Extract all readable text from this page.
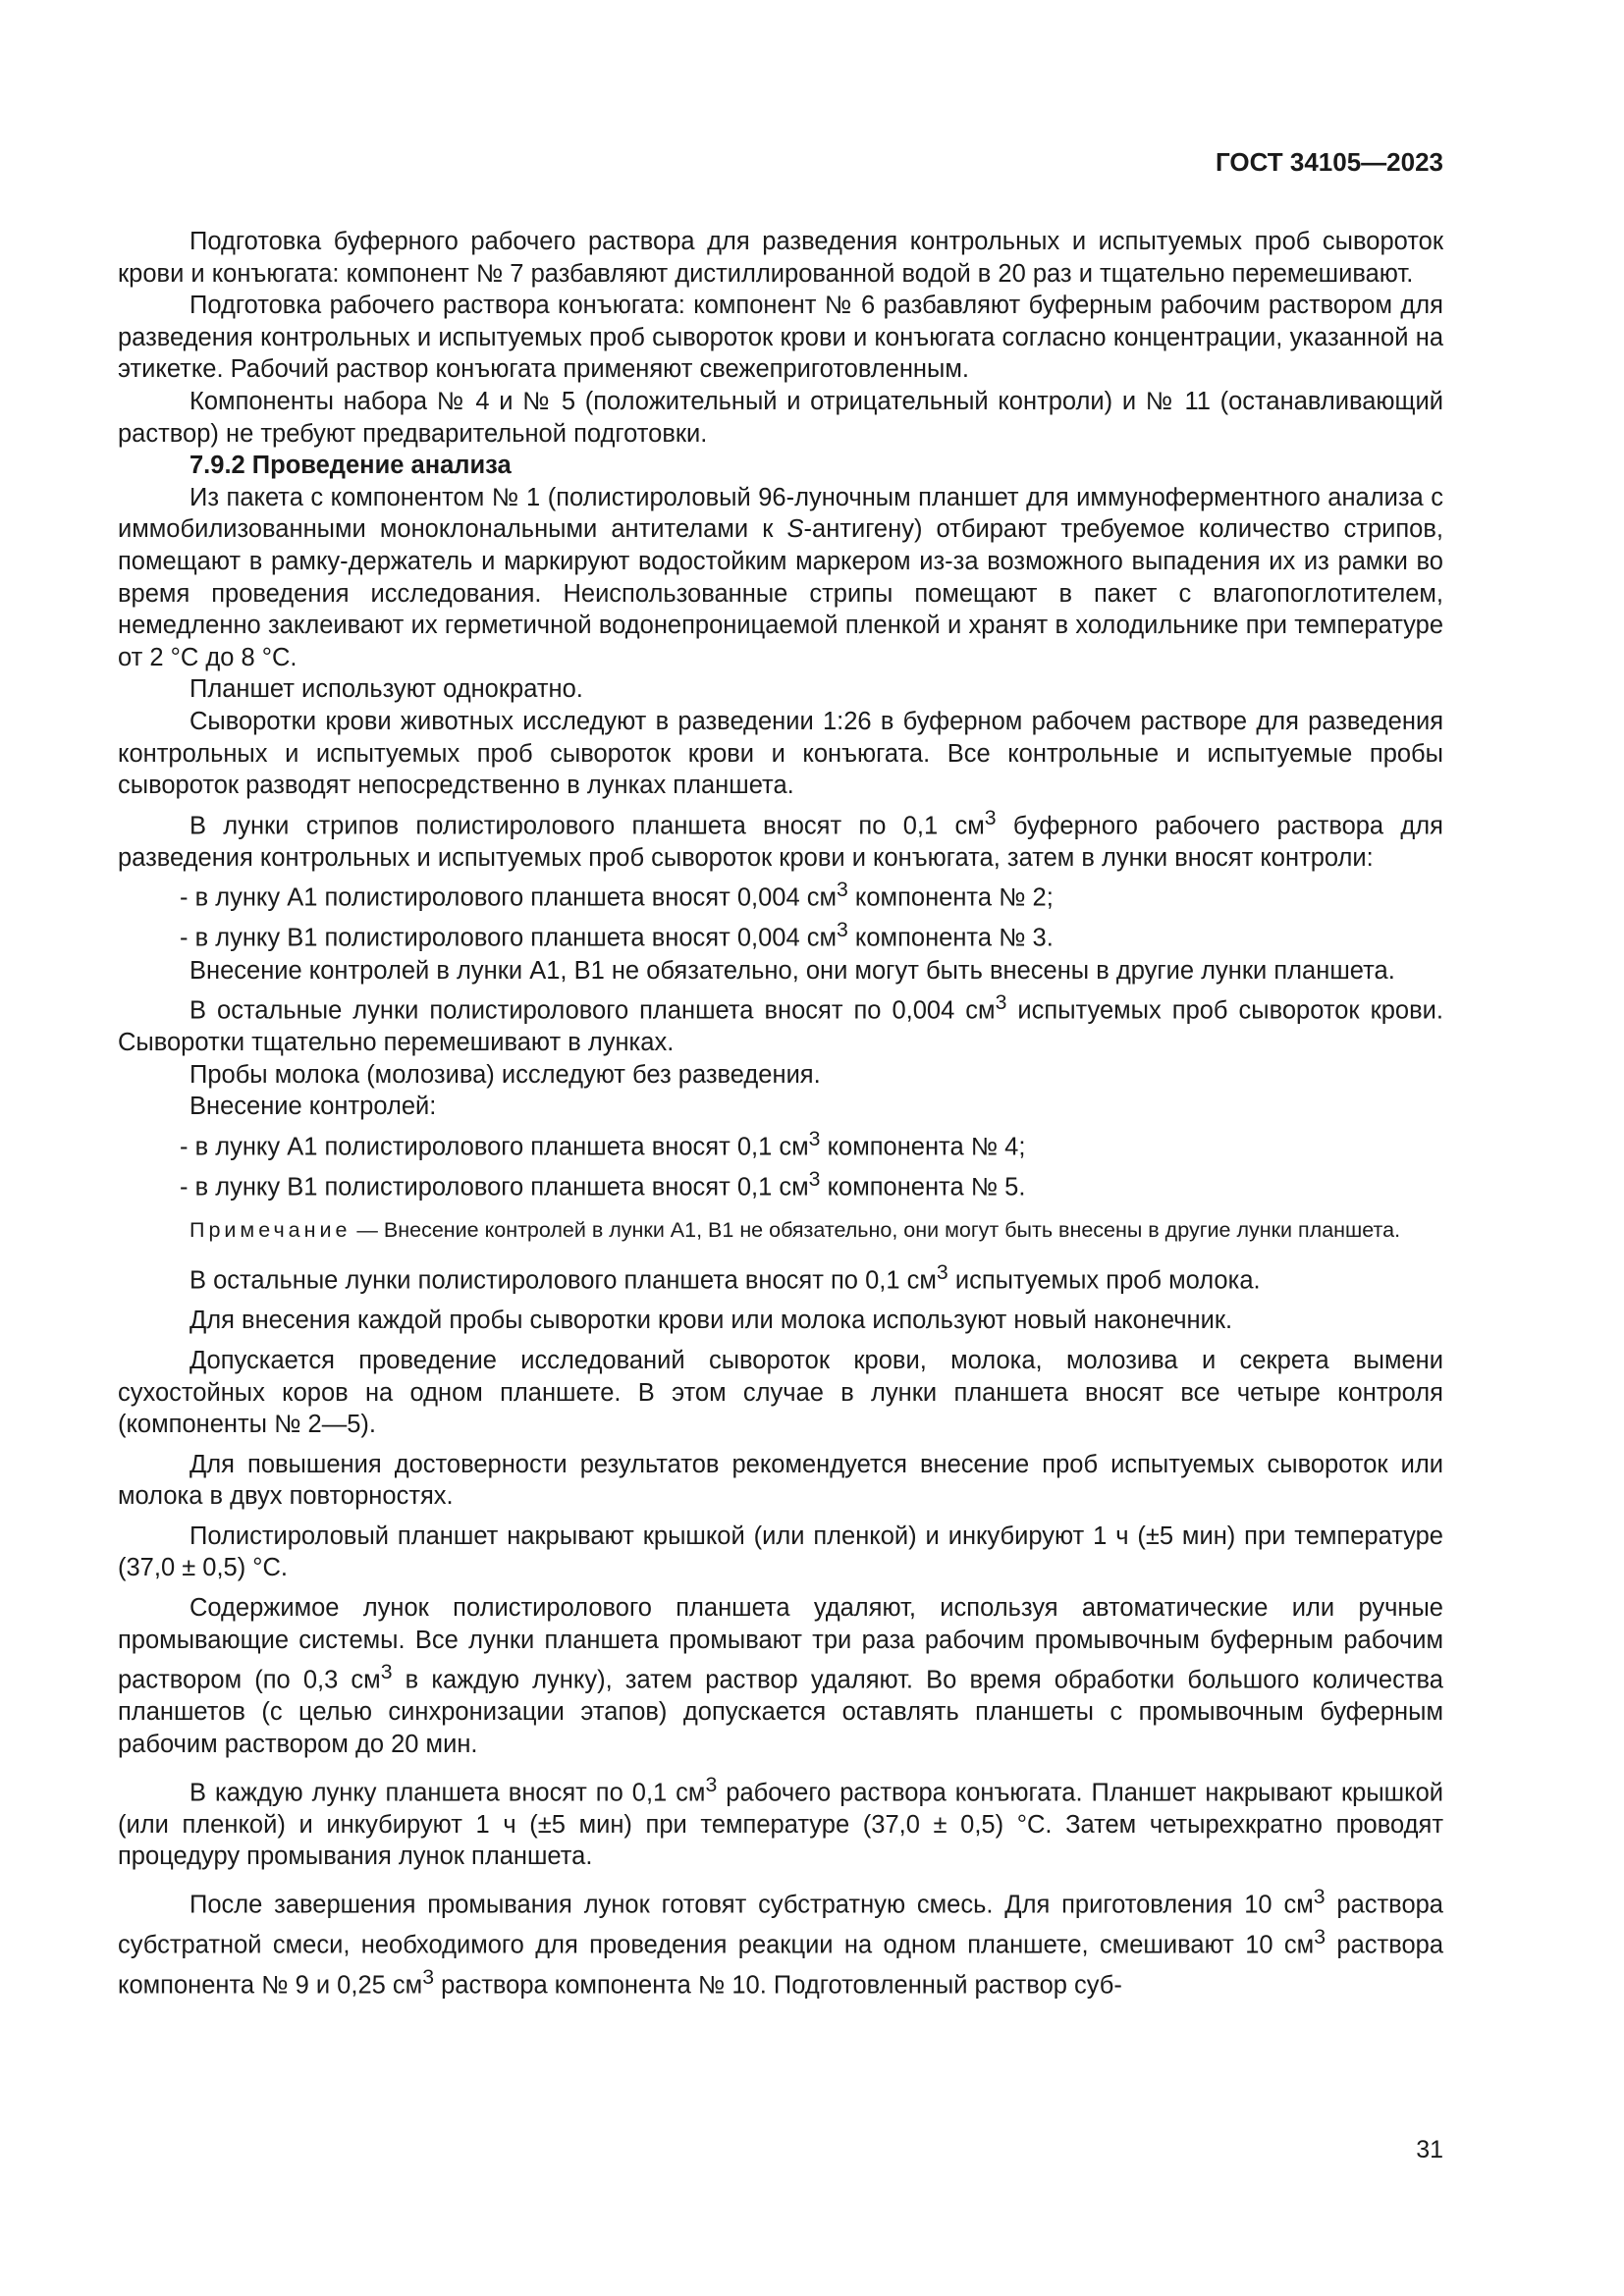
ГОСТ 34105—2023

Подготовка буферного рабочего раствора для разведения контрольных и испытуемых проб сывороток крови и конъюгата: компонент № 7 разбавляют дистиллированной водой в 20 раз и тщательно перемешивают.

Подготовка рабочего раствора конъюгата: компонент № 6 разбавляют буферным рабочим раствором для разведения контрольных и испытуемых проб сывороток крови и конъюгата согласно концентрации, указанной на этикетке. Рабочий раствор конъюгата применяют свежеприготовленным.

Компоненты набора № 4 и № 5 (положительный и отрицательный контроли) и № 11 (останавливающий раствор) не требуют предварительной подготовки.

7.9.2 Проведение анализа

Из пакета с компонентом № 1 (полистироловый 96-луночным планшет для иммуноферментного анализа с иммобилизованными моноклональными антителами к S-антигену) отбирают требуемое количество стрипов, помещают в рамку-держатель и маркируют водостойким маркером из-за возможного выпадения их из рамки во время проведения исследования. Неиспользованные стрипы помещают в пакет с влагопоглотителем, немедленно заклеивают их герметичной водонепроницаемой пленкой и хранят в холодильнике при температуре от 2 °С до 8 °С.

Планшет используют однократно.

Сыворотки крови животных исследуют в разведении 1:26 в буферном рабочем растворе для разведения контрольных и испытуемых проб сывороток крови и конъюгата. Все контрольные и испытуемые пробы сывороток разводят непосредственно в лунках планшета.

В лунки стрипов полистиролового планшета вносят по 0,1 $см^3$ буферного рабочего раствора для разведения контрольных и испытуемых проб сывороток крови и конъюгата, затем в лунки вносят контроли:

- в лунку А1 полистиролового планшета вносят 0,004 $см^3$ компонента № 2;

- в лунку В1 полистиролового планшета вносят 0,004 $см^3$ компонента № 3.

Внесение контролей в лунки А1, В1 не обязательно, они могут быть внесены в другие лунки планшета.

В остальные лунки полистиролового планшета вносят по 0,004 $см^3$ испытуемых проб сывороток крови. Сыворотки тщательно перемешивают в лунках.

Пробы молока (молозива) исследуют без разведения.

Внесение контролей:

- в лунку А1 полистиролового планшета вносят 0,1 $см^3$ компонента № 4;

- в лунку В1 полистиролового планшета вносят 0,1 $см^3$ компонента № 5.

Примечание — Внесение контролей в лунки А1, В1 не обязательно, они могут быть внесены в другие лунки планшета.

В остальные лунки полистиролового планшета вносят по 0,1 $см^3$ испытуемых проб молока.

Для внесения каждой пробы сыворотки крови или молока используют новый наконечник.

Допускается проведение исследований сывороток крови, молока, молозива и секрета вымени сухостойных коров на одном планшете. В этом случае в лунки планшета вносят все четыре контроля (компоненты № 2—5).

Для повышения достоверности результатов рекомендуется внесение проб испытуемых сывороток или молока в двух повторностях.

Полистироловый планшет накрывают крышкой (или пленкой) и инкубируют 1 ч (±5 мин) при температуре (37,0 ± 0,5) °С.

Содержимое лунок полистиролового планшета удаляют, используя автоматические или ручные промывающие системы. Все лунки планшета промывают три раза рабочим промывочным буферным рабочим раствором (по 0,3 $см^3$ в каждую лунку), затем раствор удаляют. Во время обработки большого количества планшетов (с целью синхронизации этапов) допускается оставлять планшеты с промывочным буферным рабочим раствором до 20 мин.

В каждую лунку планшета вносят по 0,1 $см^3$ рабочего раствора конъюгата. Планшет накрывают крышкой (или пленкой) и инкубируют 1 ч (±5 мин) при температуре (37,0 ± 0,5) °С. Затем четырехкратно проводят процедуру промывания лунок планшета.

После завершения промывания лунок готовят субстратную смесь. Для приготовления 10 $см^3$ раствора субстратной смеси, необходимого для проведения реакции на одном планшете, смешивают 10 $см^3$ раствора компонента № 9 и 0,25 $см^3$ раствора компонента № 10. Подготовленный раствор суб-

31
